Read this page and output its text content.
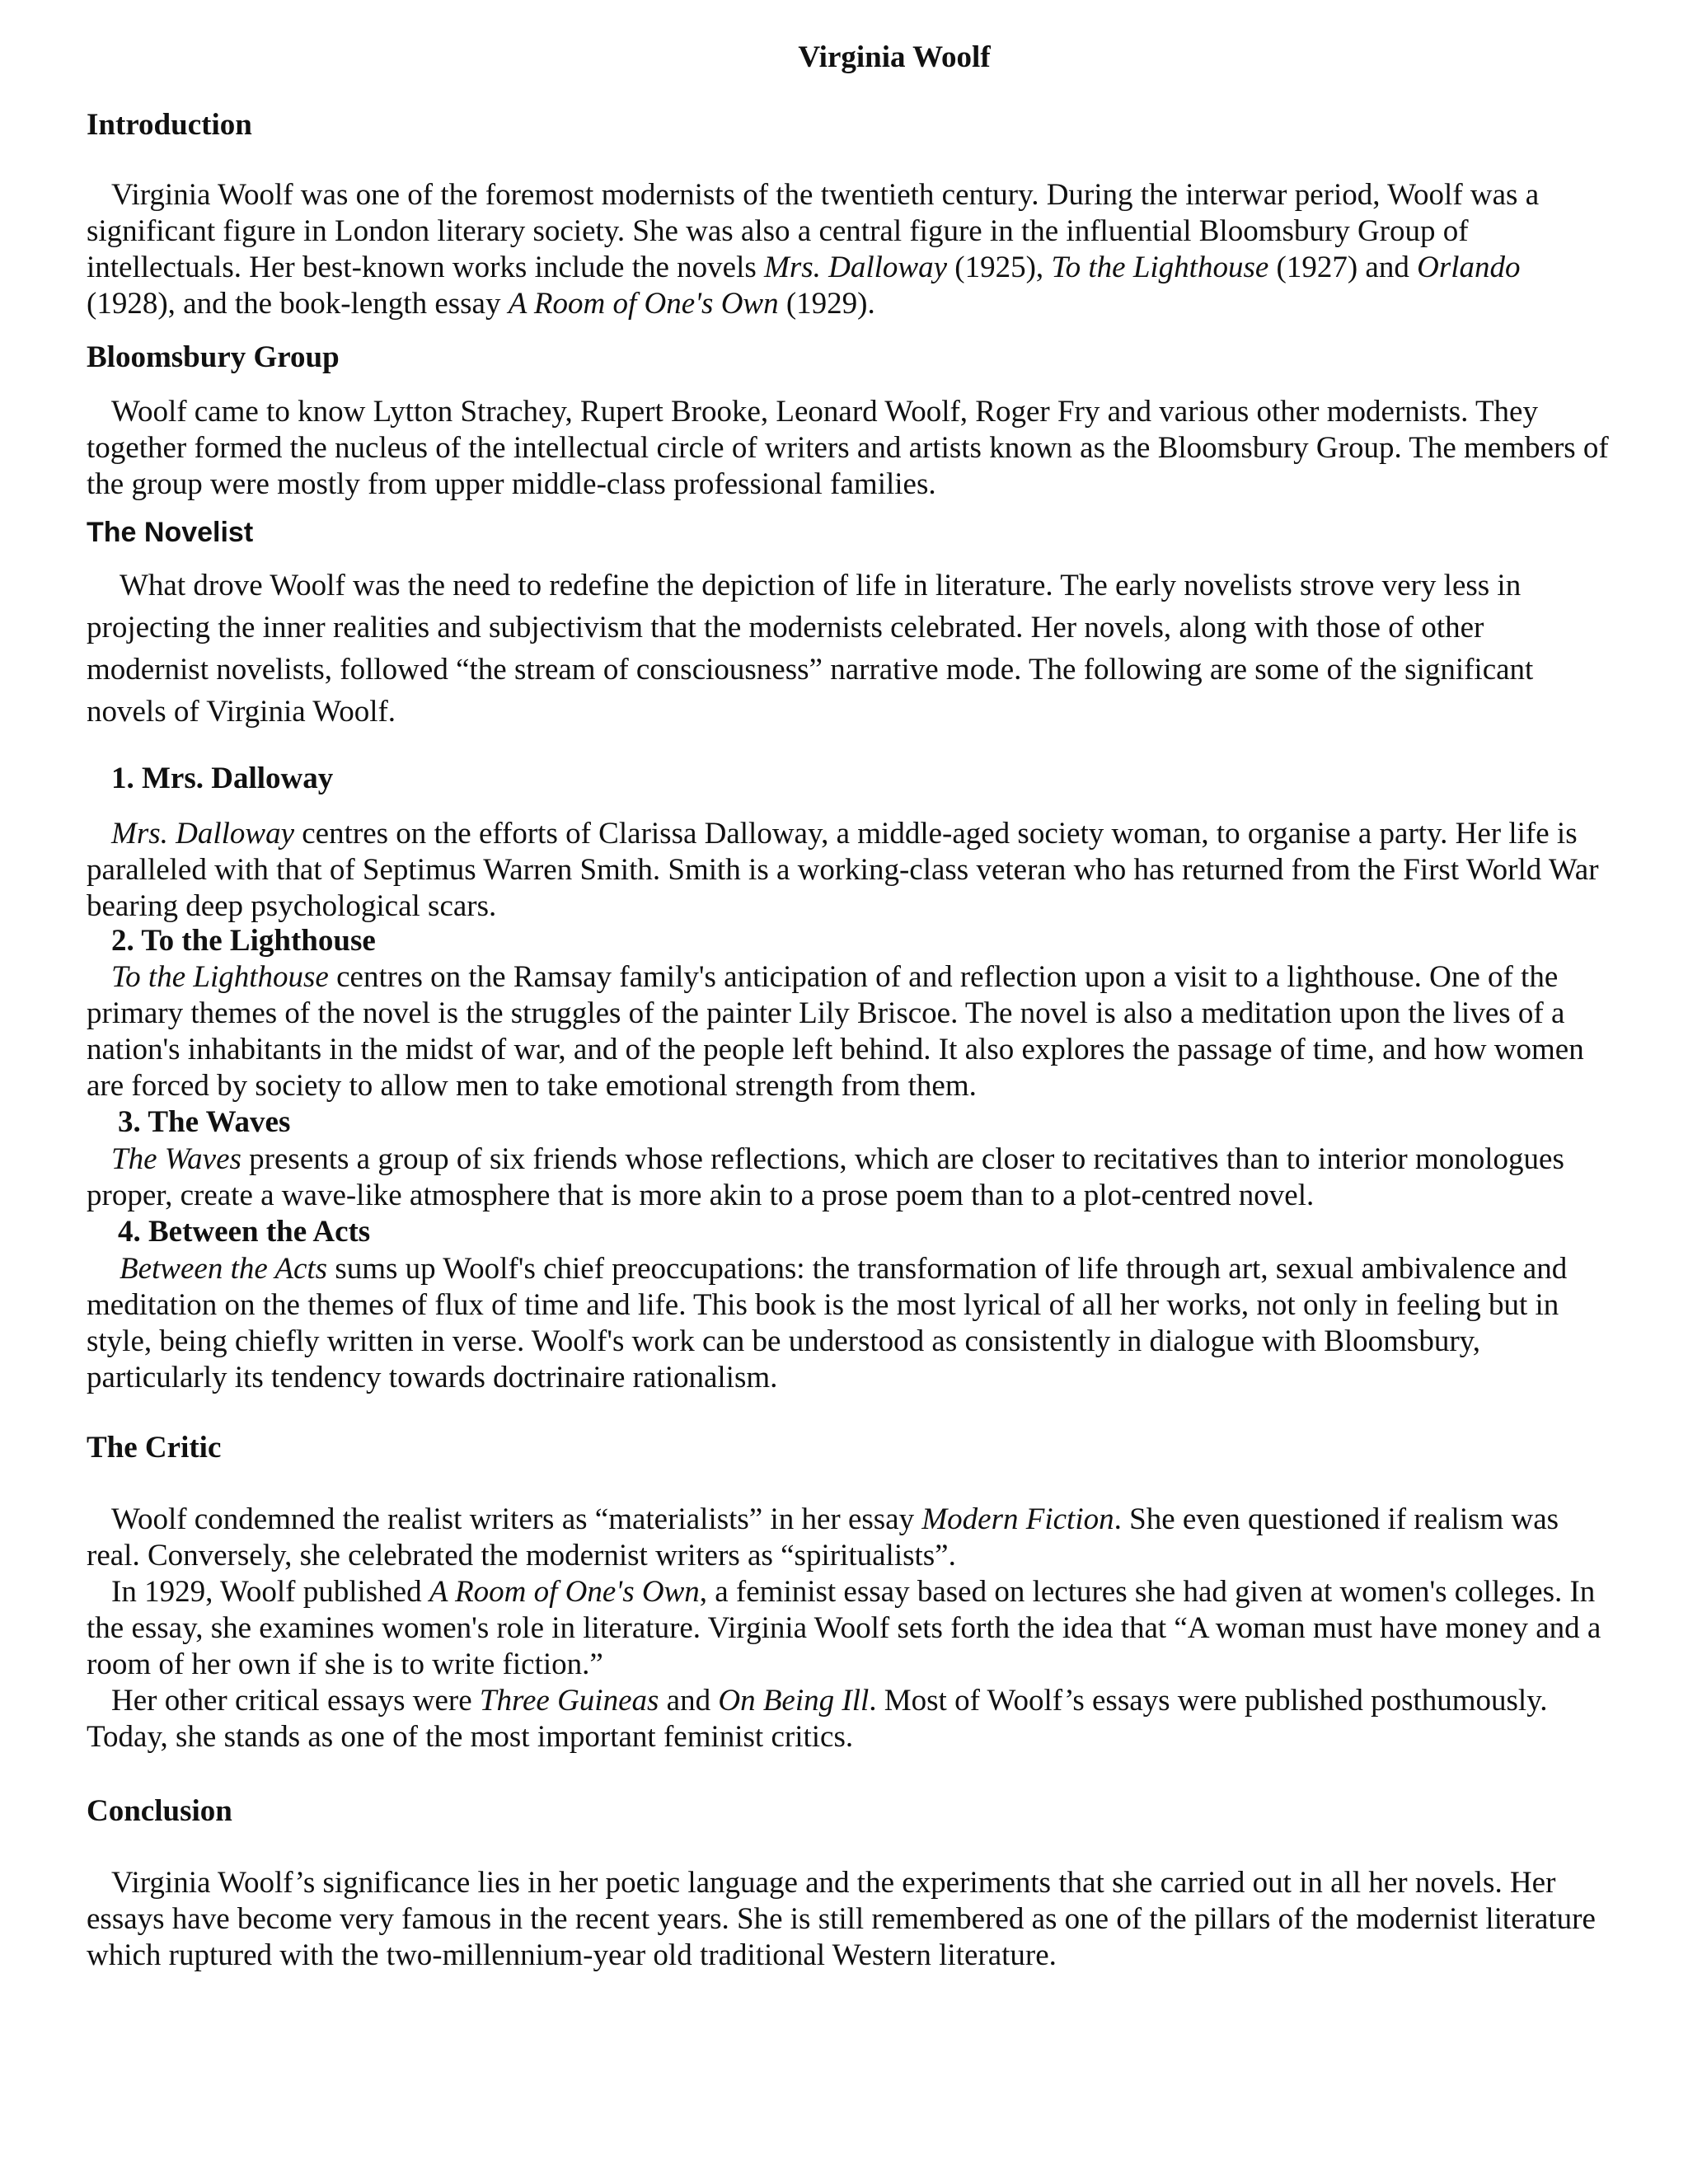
Virginia Woolf
Introduction

Virginia Woolf was one of the foremost modernists of the twentieth century. During the interwar period, Woolf was a significant figure in London literary society. She was also a central figure in the influential Bloomsbury Group of intellectuals. Her best-known works include the novels Mrs. Dalloway (1925), To the Lighthouse (1927) and Orlando (1928), and the book-length essay A Room of One's Own (1929).

Bloomsbury Group

Woolf came to know Lytton Strachey, Rupert Brooke, Leonard Woolf, Roger Fry and various other modernists. They together formed the nucleus of the intellectual circle of writers and artists known as the Bloomsbury Group. The members of the group were mostly from upper middle-class professional families.

The Novelist

What drove Woolf was the need to redefine the depiction of life in literature. The early novelists strove very less in projecting the inner realities and subjectivism that the modernists celebrated. Her novels, along with those of other modernist novelists, followed “the stream of consciousness” narrative mode. The following are some of the significant novels of Virginia Woolf.

1. Mrs. Dalloway

Mrs. Dalloway centres on the efforts of Clarissa Dalloway, a middle-aged society woman, to organise a party. Her life is paralleled with that of Septimus Warren Smith. Smith is a working-class veteran who has returned from the First World War bearing deep psychological scars.

2. To the Lighthouse

To the Lighthouse centres on the Ramsay family's anticipation of and reflection upon a visit to a lighthouse. One of the primary themes of the novel is the struggles of the painter Lily Briscoe. The novel is also a meditation upon the lives of a nation's inhabitants in the midst of war, and of the people left behind. It also explores the passage of time, and how women are forced by society to allow men to take emotional strength from them.

3. The Waves

The Waves presents a group of six friends whose reflections, which are closer to recitatives than to interior monologues proper, create a wave-like atmosphere that is more akin to a prose poem than to a plot-centred novel.

4. Between the Acts

Between the Acts sums up Woolf's chief preoccupations: the transformation of life through art, sexual ambivalence and meditation on the themes of flux of time and life. This book is the most lyrical of all her works, not only in feeling but in style, being chiefly written in verse. Woolf's work can be understood as consistently in dialogue with Bloomsbury, particularly its tendency towards doctrinaire rationalism.

The Critic

Woolf condemned the realist writers as “materialists” in her essay Modern Fiction. She even questioned if realism was real. Conversely, she celebrated the modernist writers as “spiritualists”.

In 1929, Woolf published A Room of One's Own, a feminist essay based on lectures she had given at women's colleges. In the essay, she examines women's role in literature. Virginia Woolf sets forth the idea that “A woman must have money and a room of her own if she is to write fiction.”

Her other critical essays were Three Guineas and On Being Ill. Most of Woolf’s essays were published posthumously. Today, she stands as one of the most important feminist critics.

Conclusion

Virginia Woolf’s significance lies in her poetic language and the experiments that she carried out in all her novels. Her essays have become very famous in the recent years. She is still remembered as one of the pillars of the modernist literature which ruptured with the two-millennium-year old traditional Western literature.
